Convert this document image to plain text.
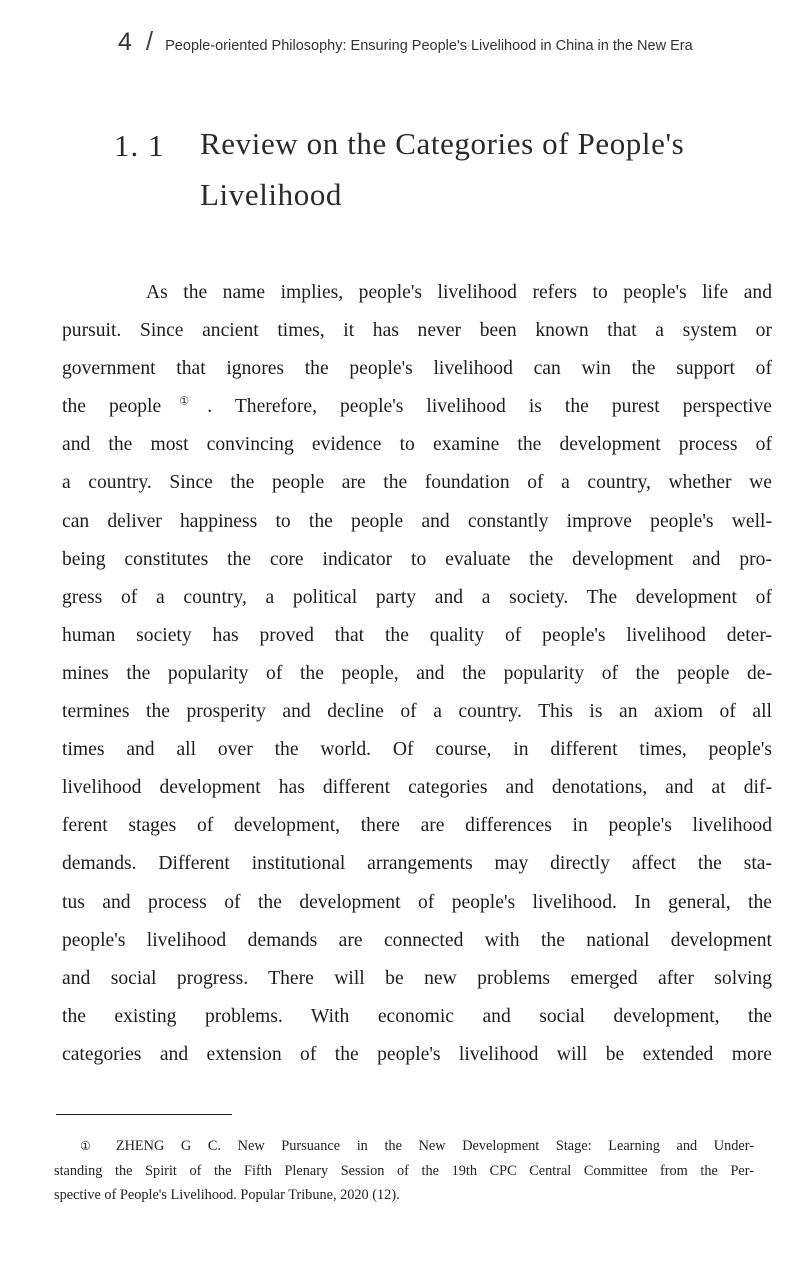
4 / People-oriented Philosophy: Ensuring People's Livelihood in China in the New Era
1. 1	Review on the Categories of People's
Livelihood
As the name implies, people's livelihood refers to people's life and
pursuit. Since ancient times, it has never been known that a system or
government that ignores the people's livelihood can win the support of
the people①. Therefore, people's livelihood is the purest perspective
and the most convincing evidence to examine the development process of
a country. Since the people are the foundation of a country, whether we
can deliver happiness to the people and constantly improve people's well-
being constitutes the core indicator to evaluate the development and pro-
gress of a country, a political party and a society. The development of
human society has proved that the quality of people's livelihood deter-
mines the popularity of the people, and the popularity of the people de-
termines the prosperity and decline of a country. This is an axiom of all
times and all over the world. Of course, in different times, people's
livelihood development has different categories and denotations, and at dif-
ferent stages of development, there are differences in people's livelihood
demands. Different institutional arrangements may directly affect the sta-
tus and process of the development of people's livelihood. In general, the
people's livelihood demands are connected with the national development
and social progress. There will be new problems emerged after solving
the existing problems. With economic and social development, the
categories and extension of the people's livelihood will be extended more
① ZHENG G C. New Pursuance in the New Development Stage: Learning and Under-
standing the Spirit of the Fifth Plenary Session of the 19th CPC Central Committee from the Per-
spective of People's Livelihood. Popular Tribune, 2020 (12).
